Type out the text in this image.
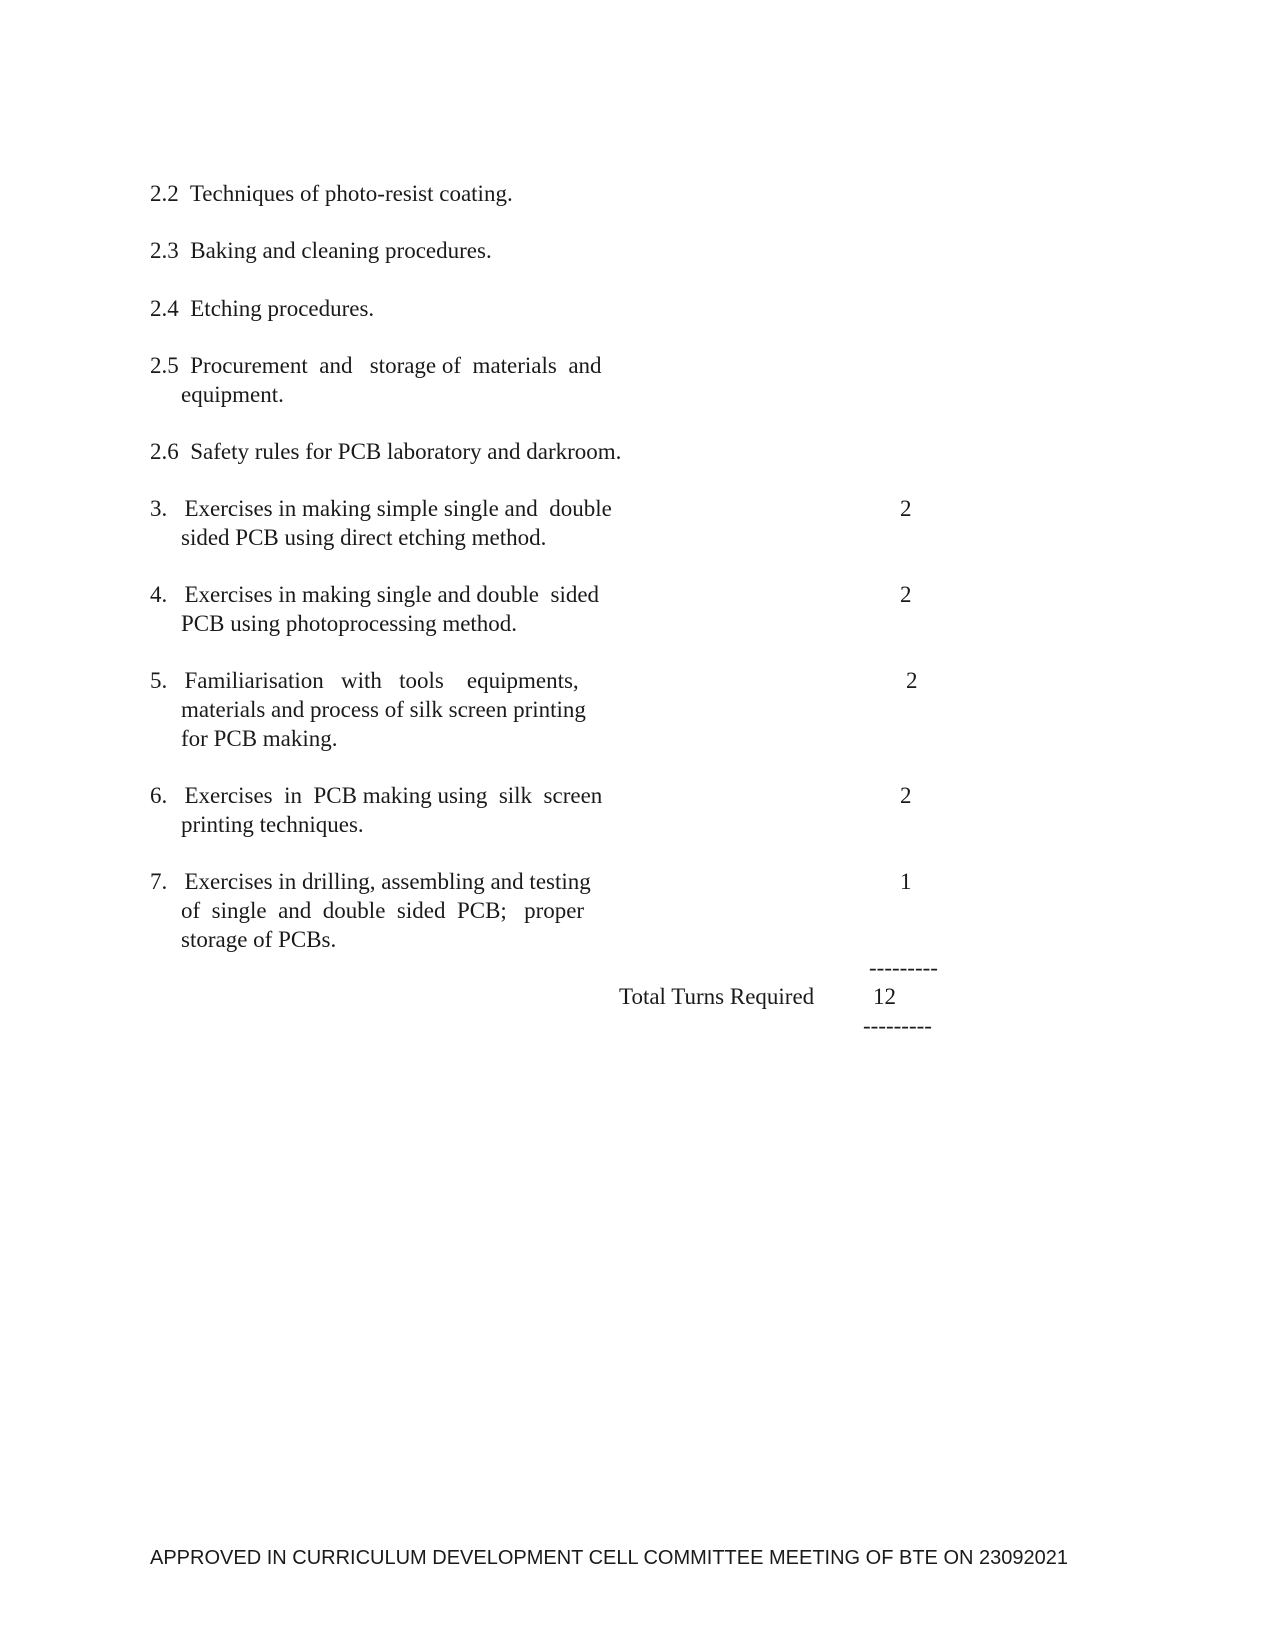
2.2  Techniques of photo-resist coating.
2.3  Baking and cleaning procedures.
2.4  Etching procedures.
2.5  Procurement  and   storage of  materials  and
equipment.
2.6  Safety rules for PCB laboratory and darkroom.
3.   Exercises in making simple single and  double
sided PCB using direct etching method.
2
4.   Exercises in making single and double  sided
PCB using photoprocessing method.
2
5.   Familiarisation   with   tools    equipments,
materials and process of silk screen printing
for PCB making.
2
6.   Exercises  in  PCB making using  silk  screen
printing techniques.
2
7.   Exercises in drilling, assembling and testing
of  single  and  double  sided  PCB;   proper
storage of PCBs.
1
---------
Total Turns Required	12
---------
APPROVED IN CURRICULUM DEVELOPMENT CELL COMMITTEE MEETING OF BTE ON 23092021
